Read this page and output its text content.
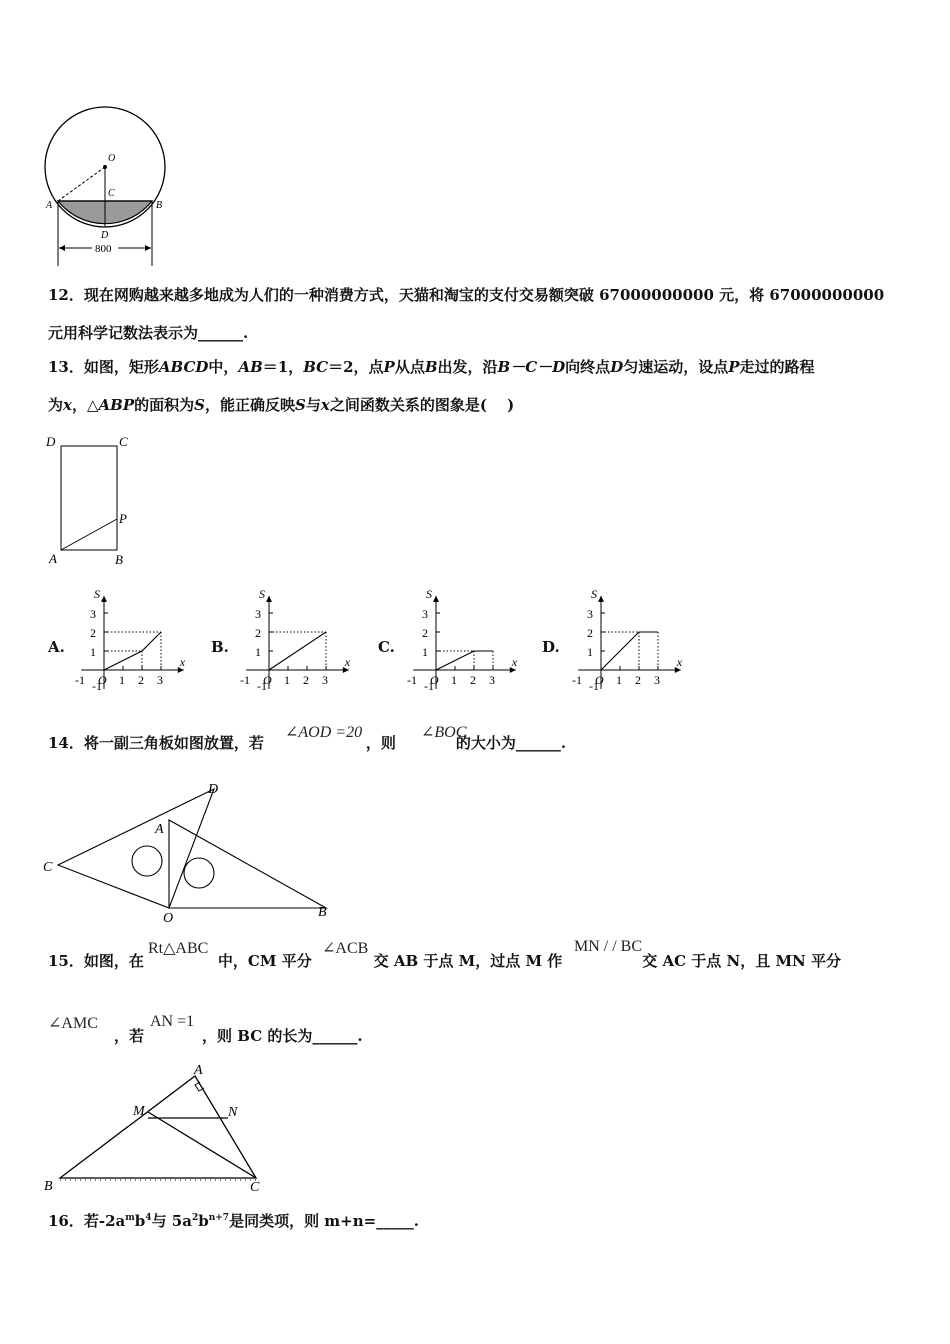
O
C
A	B
D
800
12．现在网购越来越多地成为人们的一种消费方式，天猫和淘宝的支付交易额突破 67000000000 元，将 67000000000
元用科学记数法表示为______.
13．如图，矩形ABCD中，AB＝1，BC＝2，点P从点B出发，沿B－C－D向终点D匀速运动，设点P走过的路程
为x，△ABP的面积为S，能正确反映S与x之间函数关系的图象是(　 )
D	C
P
A	B
A.	B.	C.	D.
3
2
1
-1
-1 O 1 2 3
S
x
3
2
1
-1
-1 O 1 2 3
S
x
3
2
1
-1
-1 O 1 2 3
S
x
3
2
1
-1
-1 O 1 2 3
S
x
14．将一副三角板如图放置，若	，则	的大小为______.
∠AOD =20	∠BOC
D
A
C
O	B
15．如图，在	中，CM 平分	交 AB 于点 M，过点 M 作	交 AC 于点 N，且 MN 平分
Rt△ABC	∠ACB	MN / / BC
，若	，则 BC 的长为______.
∠AMC	AN =1
A
M	N
B	C
16．若$-2a^mb^4$与 $5a^2b^{n+7}$是同类项，则 m+n=_____.
